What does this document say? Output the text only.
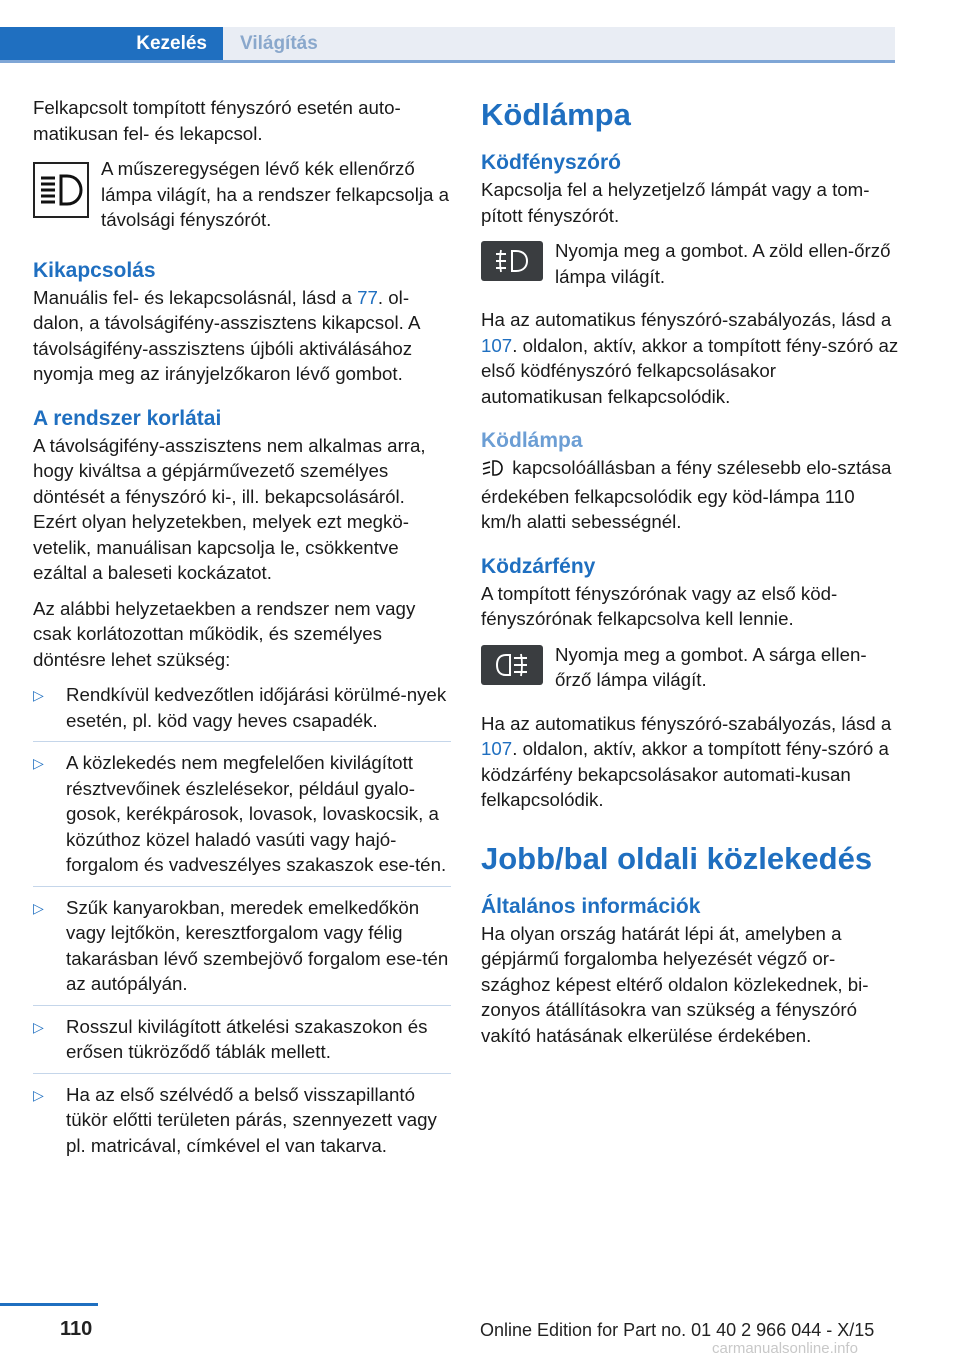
Kezelés	Világítás

Felkapcsolt tompított fényszóró esetén auto-matikusan fel- és lekapcsol.

A műszeregységen lévő kék ellenőrző lámpa világít, ha a rendszer felkapcsolja a távolsági fényszórót.
Kikapcsolás

Manuális fel- és lekapcsolásnál, lásd a 77. ol-dalon, a távolságifény-asszisztens kikapcsol. A távolságifény-asszisztens újbóli aktiválásához nyomja meg az irányjelzőkaron lévő gombot.

A rendszer korlátai

A távolságifény-asszisztens nem alkalmas arra, hogy kiváltsa a gépjárművezető személyes döntését a fényszóró ki-, ill. bekapcsolásáról. Ezért olyan helyzetekben, melyek ezt megkö-vetelik, manuálisan kapcsolja le, csökkentve ezáltal a baleseti kockázatot.

Az alábbi helyzetaekben a rendszer nem vagy csak korlátozottan működik, és személyes döntésre lehet szükség:

▷ Rendkívül kedvezőtlen időjárási körülmé-nyek esetén, pl. köd vagy heves csapadék.
▷ A közlekedés nem megfelelően kivilágított résztvevőinek észlelésekor, például gyalo-gosok, kerékpárosok, lovasok, lovaskocsik, a közúthoz közel haladó vasúti vagy hajó-forgalom és vadveszélyes szakaszok ese-tén.
▷ Szűk kanyarokban, meredek emelkedőkön vagy lejtőkön, keresztforgalom vagy félig takarásban lévő szembejövő forgalom ese-tén az autópályán.
▷ Rosszul kivilágított átkelési szakaszokon és erősen tükröződő táblák mellett.
▷ Ha az első szélvédő a belső visszapillantó tükör előtti területen párás, szennyezett vagy pl. matricával, címkével el van takarva.
Ködlámpa
Ködfényszóró

Kapcsolja fel a helyzetjelző lámpát vagy a tom-pított fényszórót.

Nyomja meg a gombot. A zöld ellen-őrző lámpa világít.

Ha az automatikus fényszóró-szabályozás, lásd a 107. oldalon, aktív, akkor a tompított fény-szóró az első ködfényszóró felkapcsolásakor automatikusan felkapcsolódik.

Ködlámpa

kapcsolóállásban a fény szélesebb elo-sztása érdekében felkapcsolódik egy köd-lámpa 110 km/h alatti sebességnél.

Ködzárfény

A tompított fényszórónak vagy az első köd-fényszórónak felkapcsolva kell lennie.

Nyomja meg a gombot. A sárga ellen-őrző lámpa világít.

Ha az automatikus fényszóró-szabályozás, lásd a 107. oldalon, aktív, akkor a tompított fény-szóró a ködzárfény bekapcsolásakor automati-kusan felkapcsolódik.

Jobb/bal oldali közlekedés
Általános információk

Ha olyan ország határát lépi át, amelyben a gépjármű forgalomba helyezését végző or-szághoz képest eltérő oldalon közlekednek, bi-zonyos átállításokra van szükség a fényszóró vakító hatásának elkerülése érdekében.

110	Online Edition for Part no. 01 40 2 966 044 - X/15
carmanualsonline.info
